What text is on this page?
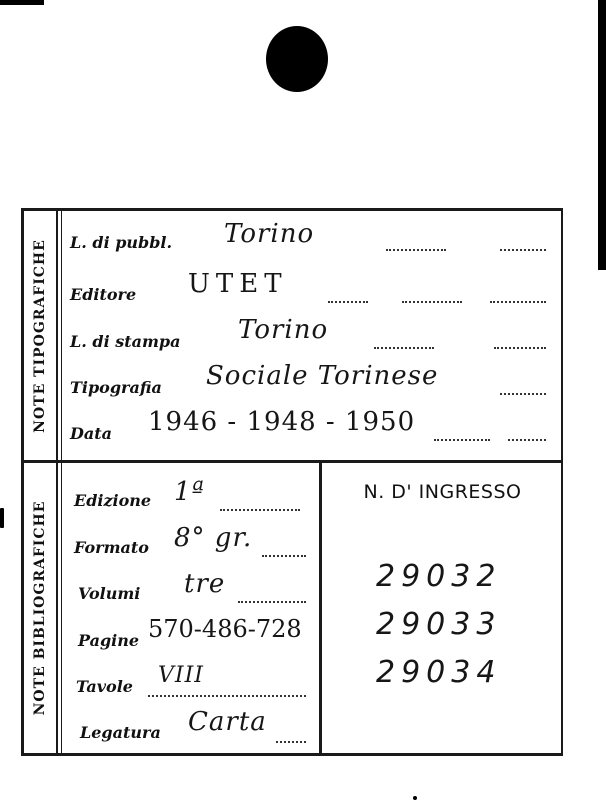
NOTE TIPOGRAFICHE L. di pubbl. Torino
Editore UTET
L. di stampa Torino
Tipografia Sociale Torinese
Data 1946 - 1948 - 1950
NOTE BIBLIOGRAFICHE
Edizione 1ª
Formato 8° gr.
Volumi tre
Pagine 570-486-728
Tavole VIII
Legatura Carta
N. D' INGRESSO
29032
29033
29034
